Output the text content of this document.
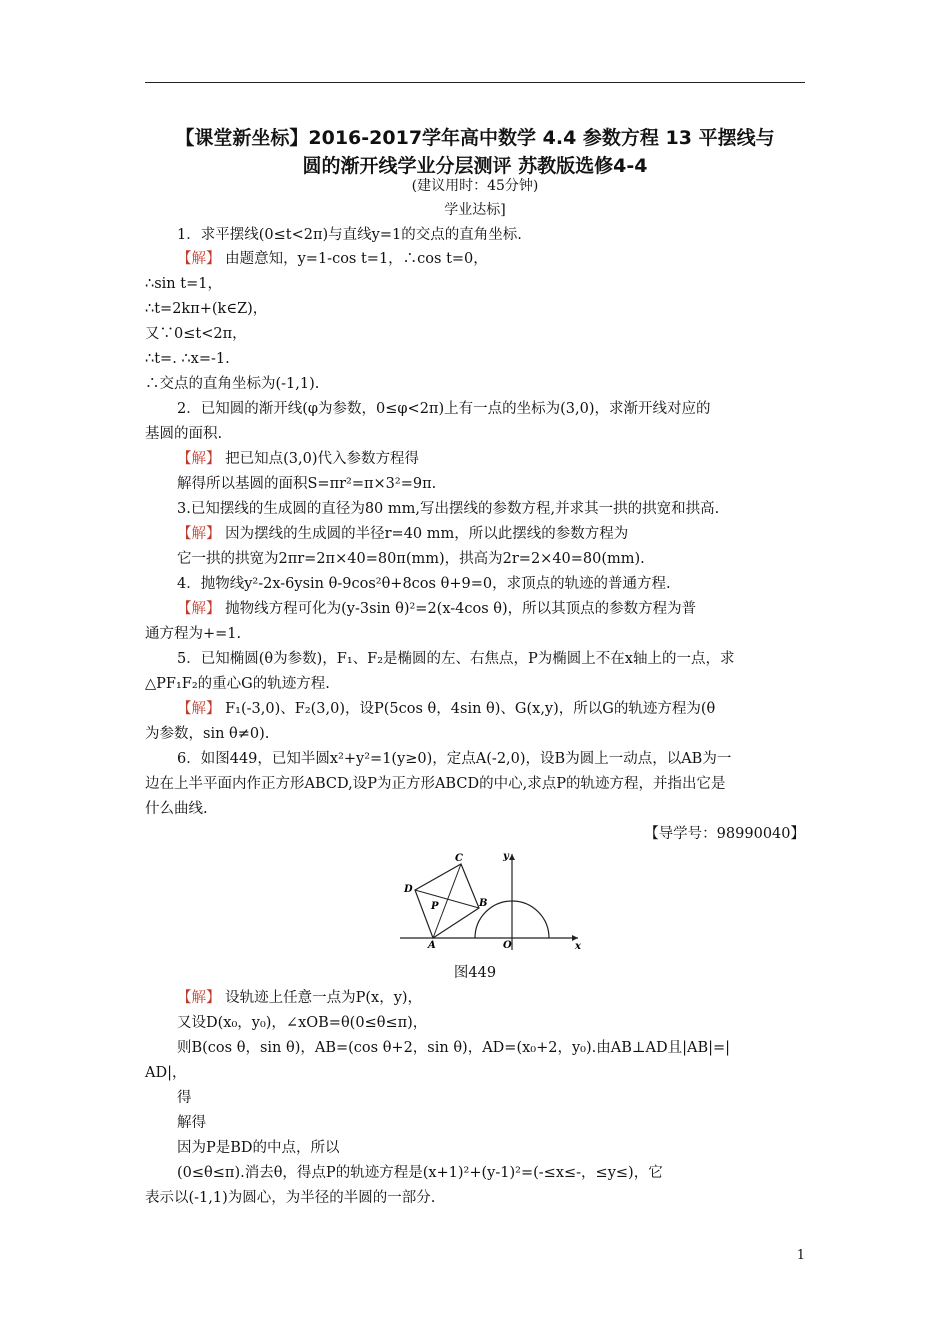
【课堂新坐标】2016-2017学年高中数学 4.4 参数方程 13 平摆线与
圆的渐开线学业分层测评 苏教版选修4-4
(建议用时：45分钟)
学业达标]
1．求平摆线(0≤t<2π)与直线y=1的交点的直角坐标.
【解】 由题意知，y=1-cos t=1，∴cos t=0，
∴sin t=1，
∴t=2kπ+(k∈Z)，
又∵0≤t<2π，
∴t=. ∴x=-1.
∴交点的直角坐标为(-1,1).
2．已知圆的渐开线(φ为参数，0≤φ<2π)上有一点的坐标为(3,0)，求渐开线对应的
基圆的面积.
【解】 把已知点(3,0)代入参数方程得
解得所以基圆的面积S=πr²=π×3²=9π.
3.已知摆线的生成圆的直径为80 mm,写出摆线的参数方程,并求其一拱的拱宽和拱高.
【解】 因为摆线的生成圆的半径r=40 mm，所以此摆线的参数方程为
它一拱的拱宽为2πr=2π×40=80π(mm)，拱高为2r=2×40=80(mm).
4．抛物线y²-2x-6ysin θ-9cos²θ+8cos θ+9=0，求顶点的轨迹的普通方程.
【解】 抛物线方程可化为(y-3sin θ)²=2(x-4cos θ)，所以其顶点的参数方程为普
通方程为+=1.
5．已知椭圆(θ为参数)，F₁、F₂是椭圆的左、右焦点，P为椭圆上不在x轴上的一点，求
△PF₁F₂的重心G的轨迹方程.
【解】 F₁(-3,0)、F₂(3,0)，设P(5cos θ，4sin θ)、G(x,y)，所以G的轨迹方程为(θ
为参数，sin θ≠0).
6．如图449，已知半圆x²+y²=1(y≥0)，定点A(-2,0)，设B为圆上一动点，以AB为一
边在上半平面内作正方形ABCD,设P为正方形ABCD的中心,求点P的轨迹方程，并指出它是
什么曲线.
【导学号：98990040】
C
D
P	B
A	O	x
y
图449
【解】 设轨迹上任意一点为P(x，y)，
又设D(x₀，y₀)，∠xOB=θ(0≤θ≤π)，
则B(cos θ，sin θ)，AB=(cos θ+2，sin θ)，AD=(x₀+2，y₀).由AB⊥AD且|AB|=|
AD|，
得
解得
因为P是BD的中点，所以
(0≤θ≤π).消去θ，得点P的轨迹方程是(x+1)²+(y-1)²=(-≤x≤-，≤y≤)，它
表示以(-1,1)为圆心，为半径的半圆的一部分.
1
